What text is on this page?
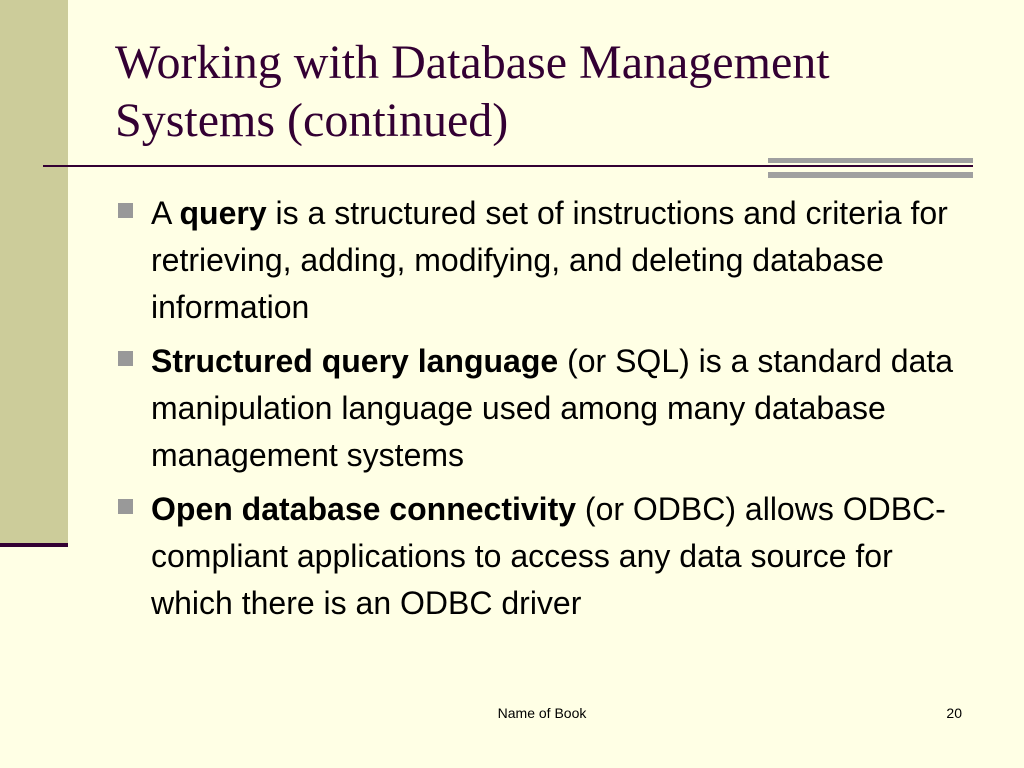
Working with Database Management Systems (continued)
A query is a structured set of instructions and criteria for retrieving, adding, modifying, and deleting database information
Structured query language (or SQL) is a standard data manipulation language used among many database management systems
Open database connectivity (or ODBC) allows ODBC-compliant applications to access any data source for which there is an ODBC driver
Name of Book	20
